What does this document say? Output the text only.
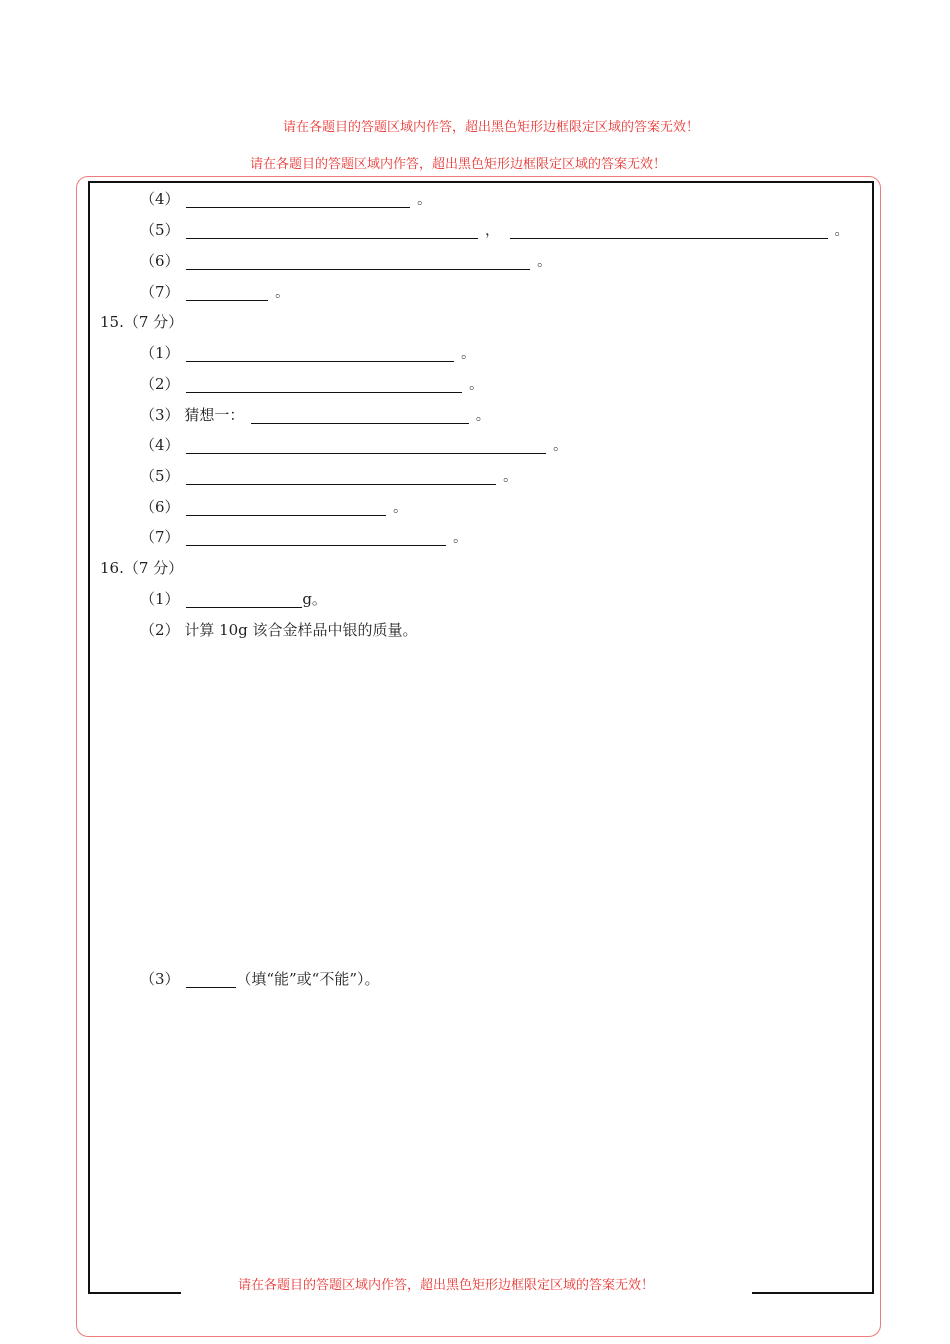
请在各题目的答题区域内作答，超出黑色矩形边框限定区域的答案无效！
请在各题目的答题区域内作答，超出黑色矩形边框限定区域的答案无效！
请在各题目的答题区域内作答，超出黑色矩形边框限定区域的答案无效！
（4）	。
（5）	，	。
（6）	。
（7）	。
15.（7 分）
（1）	。
（2）	。
（3） 猜想一：	。
（4）	。
（5）	。
（6）	。
（7）	。
16.（7 分）
（1）	g。
（2） 计算 10g 该合金样品中银的质量。
（3）	（填“能”或“不能”）。
